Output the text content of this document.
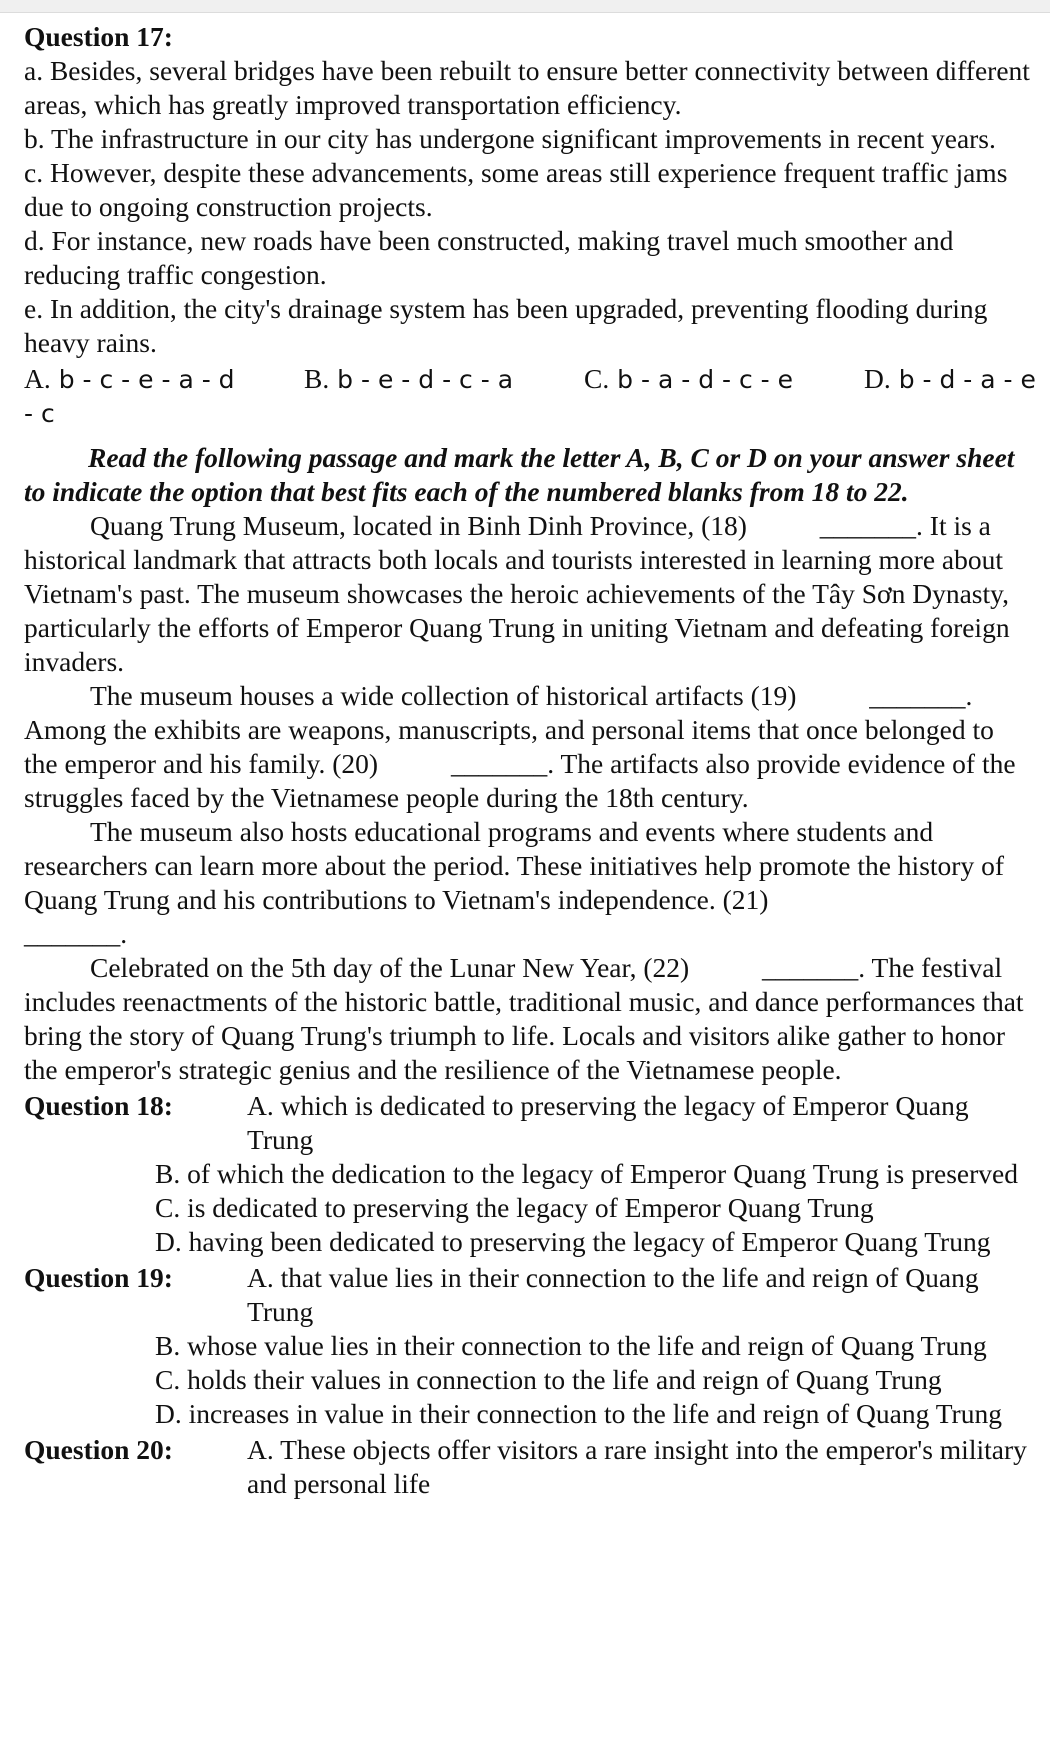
Question 17:

a. Besides, several bridges have been rebuilt to ensure better connectivity between different areas, which has greatly improved transportation efficiency.

b. The infrastructure in our city has undergone significant improvements in recent years.

c. However, despite these advancements, some areas still experience frequent traffic jams due to ongoing construction projects.

d. For instance, new roads have been constructed, making travel much smoother and reducing traffic congestion.

e. In addition, the city's drainage system has been upgraded, preventing flooding during heavy rains.

A. b - c - e - a - d	B. b - e - d - c - a	C. b - a - d - c - e	D. b - d - a - e

- c

Read the following passage and mark the letter A, B, C or D on your answer sheet to indicate the option that best fits each of the numbered blanks from 18 to 22.

Quang Trung Museum, located in Binh Dinh Province, (18) _______. It is a historical landmark that attracts both locals and tourists interested in learning more about Vietnam's past. The museum showcases the heroic achievements of the Tây Sơn Dynasty, particularly the efforts of Emperor Quang Trung in uniting Vietnam and defeating foreign invaders.

The museum houses a wide collection of historical artifacts (19) _______. Among the exhibits are weapons, manuscripts, and personal items that once belonged to the emperor and his family. (20) _______. The artifacts also provide evidence of the struggles faced by the Vietnamese people during the 18th century.

The museum also hosts educational programs and events where students and researchers can learn more about the period. These initiatives help promote the history of Quang Trung and his contributions to Vietnam's independence. (21)

_______.

Celebrated on the 5th day of the Lunar New Year, (22) _______. The festival includes reenactments of the historic battle, traditional music, and dance performances that bring the story of Quang Trung's triumph to life. Locals and visitors alike gather to honor the emperor's strategic genius and the resilience of the Vietnamese people.

Question 18:	A. which is dedicated to preserving the legacy of Emperor Quang Trung

B. of which the dedication to the legacy of Emperor Quang Trung is preserved

C. is dedicated to preserving the legacy of Emperor Quang Trung

D. having been dedicated to preserving the legacy of Emperor Quang Trung

Question 19:	A. that value lies in their connection to the life and reign of Quang Trung

B. whose value lies in their connection to the life and reign of Quang Trung

C. holds their values in connection to the life and reign of Quang Trung

D. increases in value in their connection to the life and reign of Quang Trung

Question 20:	A. These objects offer visitors a rare insight into the emperor's military and personal life
